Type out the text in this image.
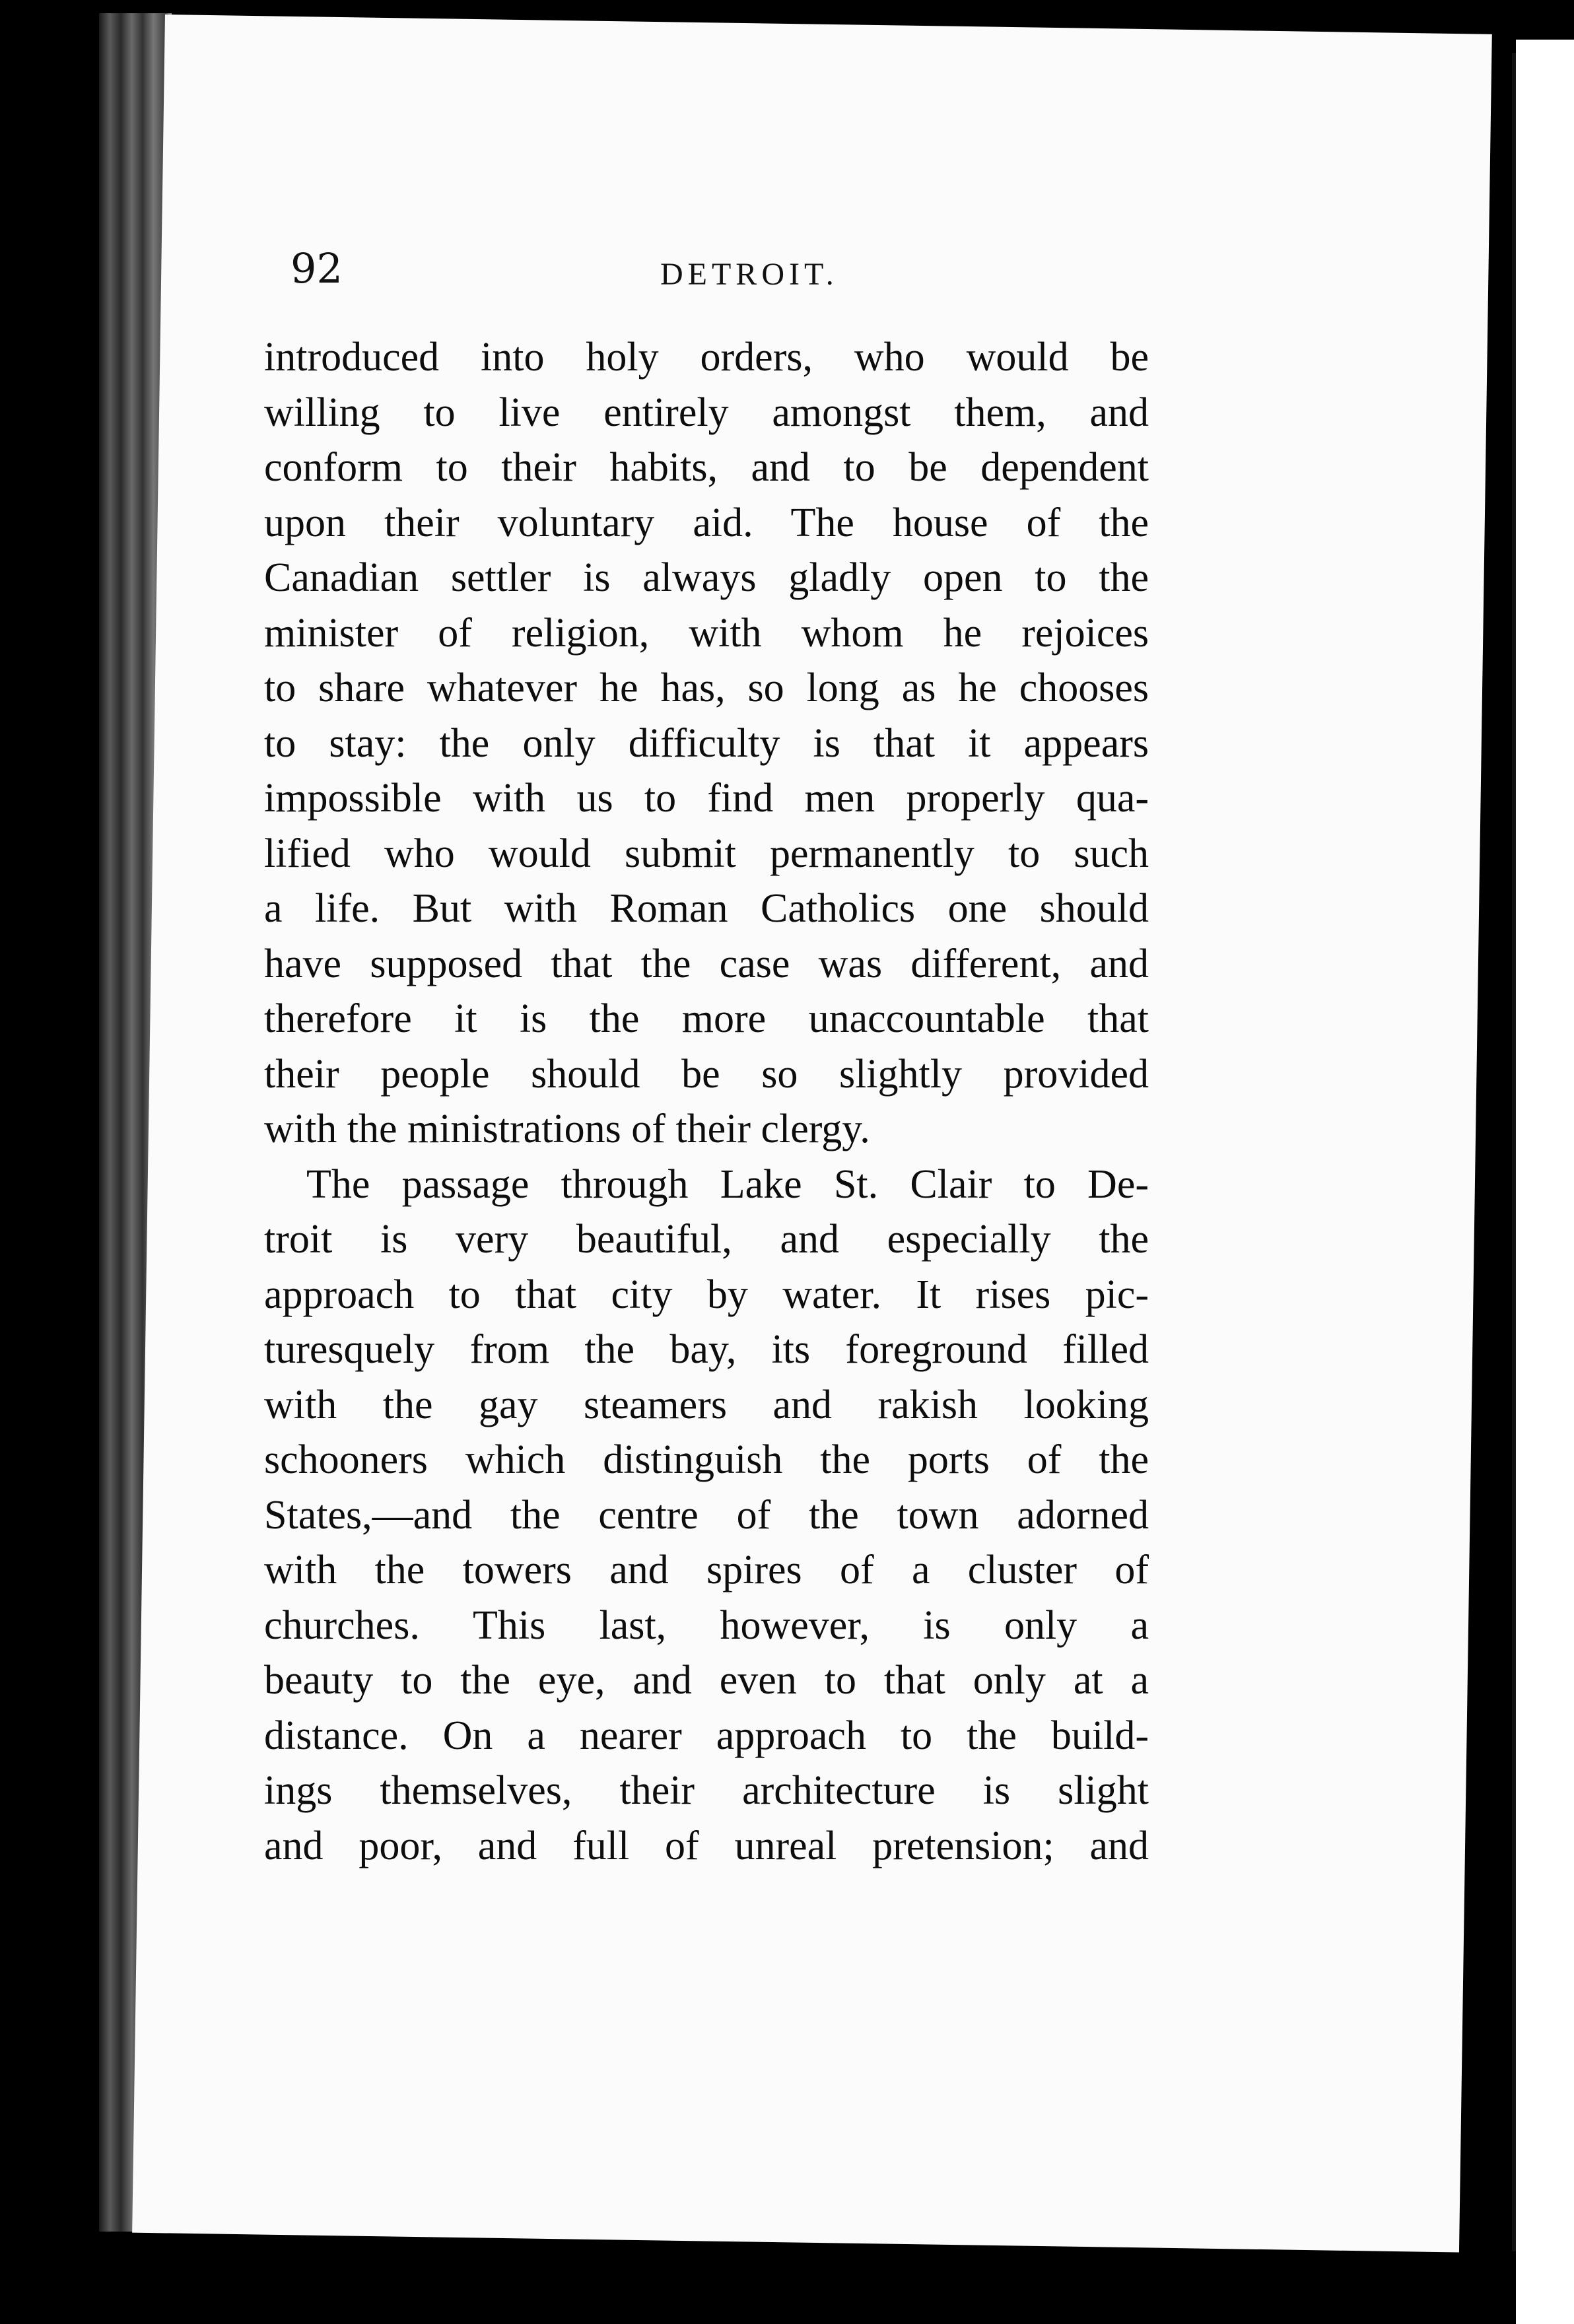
92	DETROIT.
introduced into holy orders, who would be
willing to live entirely amongst them, and
conform to their habits, and to be dependent
upon their voluntary aid. The house of the
Canadian settler is always gladly open to the
minister of religion, with whom he rejoices
to share whatever he has, so long as he chooses
to stay: the only difficulty is that it appears
impossible with us to find men properly qua-
lified who would submit permanently to such
a life. But with Roman Catholics one should
have supposed that the case was different, and
therefore it is the more unaccountable that
their people should be so slightly provided
with the ministrations of their clergy.
The passage through Lake St. Clair to De-
troit is very beautiful, and especially the
approach to that city by water. It rises pic-
turesquely from the bay, its foreground filled
with the gay steamers and rakish looking
schooners which distinguish the ports of the
States,—and the centre of the town adorned
with the towers and spires of a cluster of
churches. This last, however, is only a
beauty to the eye, and even to that only at a
distance. On a nearer approach to the build-
ings themselves, their architecture is slight
and poor, and full of unreal pretension; and
